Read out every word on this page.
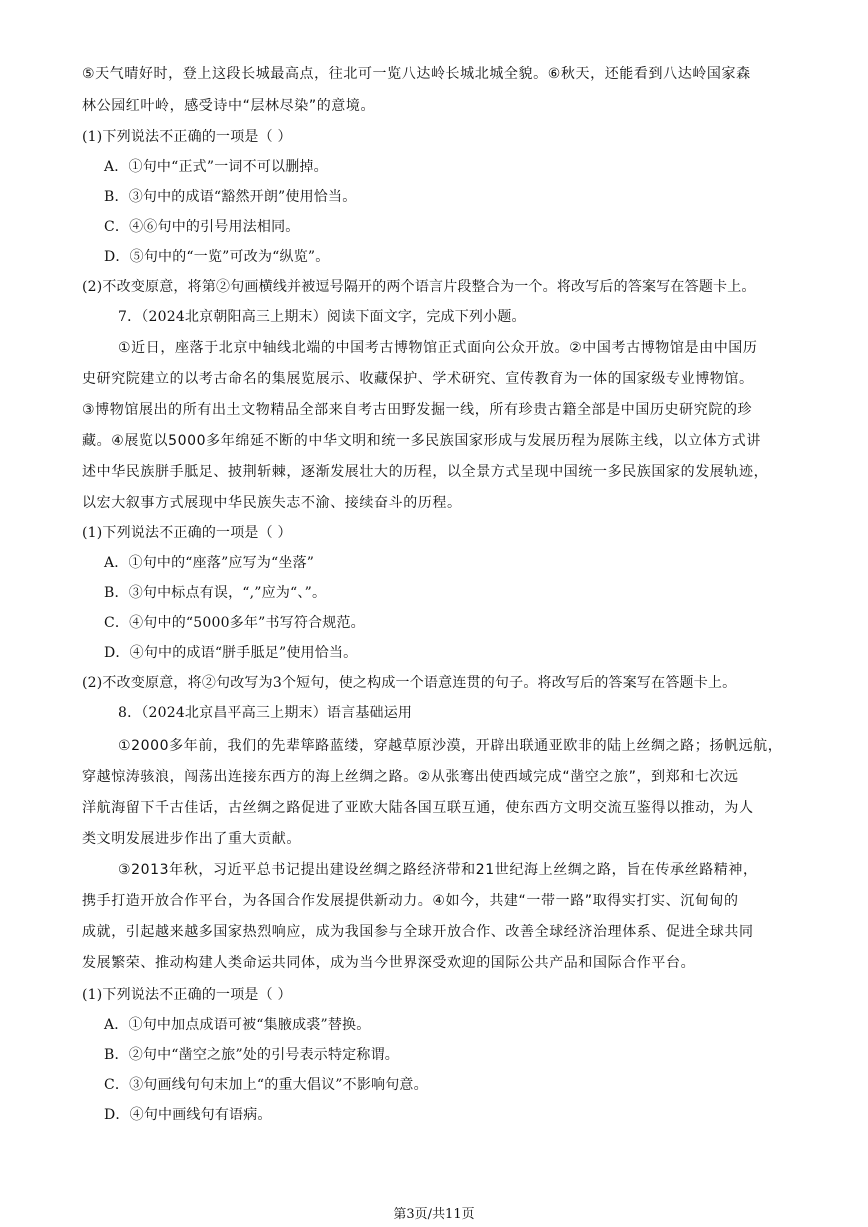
⑤天气晴好时，登上这段长城最高点，往北可一览八达岭长城北城全貌。⑥秋天，还能看到八达岭国家森
林公园红叶岭，感受诗中“层林尽染”的意境。
(1)下列说法不正确的一项是（ ）
A．①句中“正式”一词不可以删掉。
B．③句中的成语“豁然开朗”使用恰当。
C．④⑥句中的引号用法相同。
D．⑤句中的“一览”可改为“纵览”。
(2)不改变原意，将第②句画横线并被逗号隔开的两个语言片段整合为一个。将改写后的答案写在答题卡上。
7．（2024北京朝阳高三上期末）阅读下面文字，完成下列小题。
①近日，座落于北京中轴线北端的中国考古博物馆正式面向公众开放。②中国考古博物馆是由中国历
史研究院建立的以考古命名的集展览展示、收藏保护、学术研究、宣传教育为一体的国家级专业博物馆。
③博物馆展出的所有出土文物精品全部来自考古田野发掘一线，所有珍贵古籍全部是中国历史研究院的珍
藏。④展览以5000多年绵延不断的中华文明和统一多民族国家形成与发展历程为展陈主线，以立体方式讲
述中华民族胼手胝足、披荆斩棘，逐渐发展壮大的历程，以全景方式呈现中国统一多民族国家的发展轨迹，
以宏大叙事方式展现中华民族失志不渝、接续奋斗的历程。
(1)下列说法不正确的一项是（ ）
A．①句中的“座落”应写为“坐落”
B．③句中标点有误，“,”应为“、”。
C．④句中的“5000多年”书写符合规范。
D．④句中的成语“胼手胝足”使用恰当。
(2)不改变原意，将②句改写为3个短句，使之构成一个语意连贯的句子。将改写后的答案写在答题卡上。
8．（2024北京昌平高三上期末）语言基础运用
①2000多年前，我们的先辈筚路蓝缕，穿越草原沙漠，开辟出联通亚欧非的陆上丝绸之路；扬帆远航，
穿越惊涛骇浪，闯荡出连接东西方的海上丝绸之路。②从张骞出使西域完成“凿空之旅”，到郑和七次远
洋航海留下千古佳话，古丝绸之路促进了亚欧大陆各国互联互通，使东西方文明交流互鉴得以推动，为人
类文明发展进步作出了重大贡献。
③2013年秋，习近平总书记提出建设丝绸之路经济带和21世纪海上丝绸之路，旨在传承丝路精神，
携手打造开放合作平台，为各国合作发展提供新动力。④如今，共建“一带一路”取得实打实、沉甸甸的
成就，引起越来越多国家热烈响应，成为我国参与全球开放合作、改善全球经济治理体系、促进全球共同
发展繁荣、推动构建人类命运共同体，成为当今世界深受欢迎的国际公共产品和国际合作平台。
(1)下列说法不正确的一项是（ ）
A．①句中加点成语可被“集腋成裘”替换。
B．②句中“凿空之旅”处的引号表示特定称谓。
C．③句画线句句末加上“的重大倡议”不影响句意。
D．④句中画线句有语病。
第3页/共11页
